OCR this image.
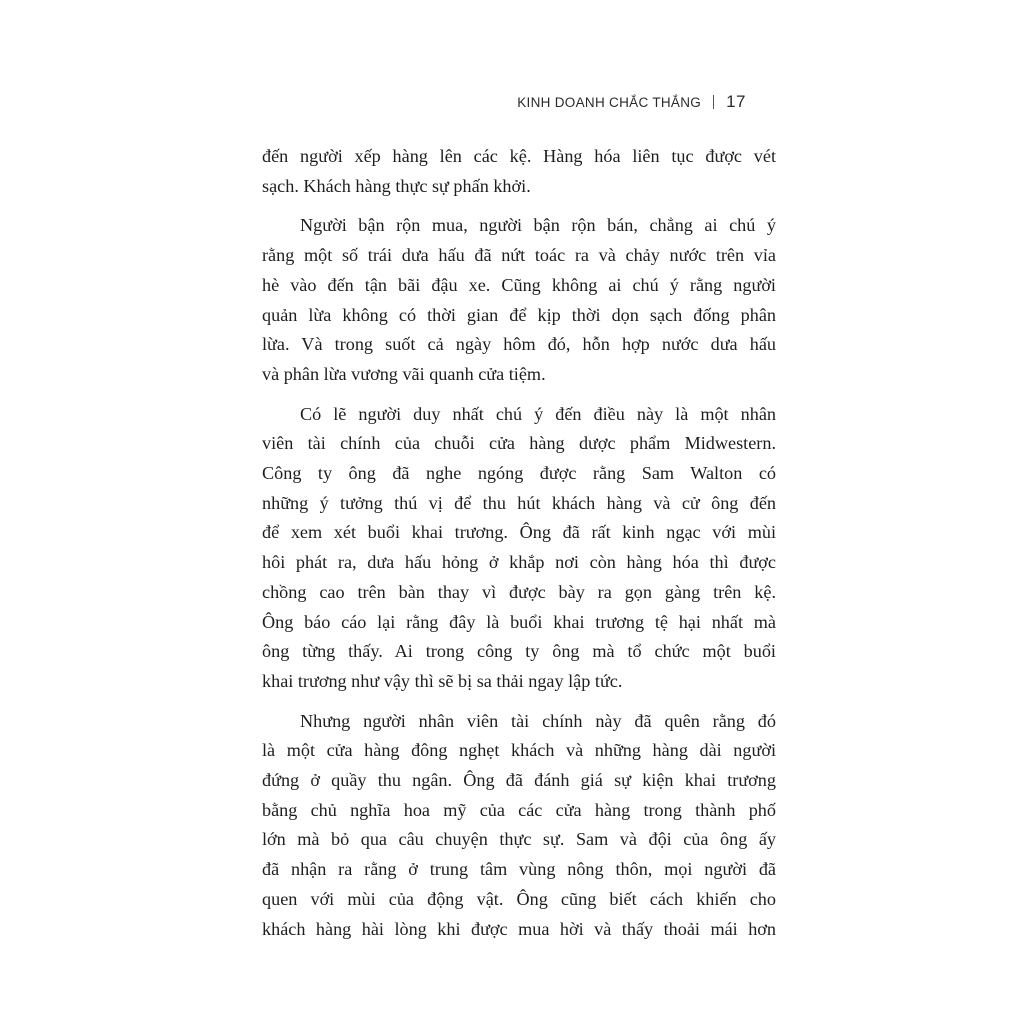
KINH DOANH CHẮC THẮNG 17

đến người xếp hàng lên các kệ. Hàng hóa liên tục được vét
sạch. Khách hàng thực sự phấn khởi.

Người bận rộn mua, người bận rộn bán, chẳng ai chú ý
rằng một số trái dưa hấu đã nứt toác ra và chảy nước trên vỉa
hè vào đến tận bãi đậu xe. Cũng không ai chú ý rằng người
quản lừa không có thời gian để kịp thời dọn sạch đống phân
lừa. Và trong suốt cả ngày hôm đó, hỗn hợp nước dưa hấu
và phân lừa vương vãi quanh cửa tiệm.

Có lẽ người duy nhất chú ý đến điều này là một nhân
viên tài chính của chuỗi cửa hàng dược phẩm Midwestern.
Công ty ông đã nghe ngóng được rằng Sam Walton có
những ý tưởng thú vị để thu hút khách hàng và cử ông đến
để xem xét buổi khai trương. Ông đã rất kinh ngạc với mùi
hôi phát ra, dưa hấu hỏng ở khắp nơi còn hàng hóa thì được
chồng cao trên bàn thay vì được bày ra gọn gàng trên kệ.
Ông báo cáo lại rằng đây là buổi khai trương tệ hại nhất mà
ông từng thấy. Ai trong công ty ông mà tổ chức một buổi
khai trương như vậy thì sẽ bị sa thải ngay lập tức.

Nhưng người nhân viên tài chính này đã quên rằng đó
là một cửa hàng đông nghẹt khách và những hàng dài người
đứng ở quầy thu ngân. Ông đã đánh giá sự kiện khai trương
bằng chủ nghĩa hoa mỹ của các cửa hàng trong thành phố
lớn mà bỏ qua câu chuyện thực sự. Sam và đội của ông ấy
đã nhận ra rằng ở trung tâm vùng nông thôn, mọi người đã
quen với mùi của động vật. Ông cũng biết cách khiến cho
khách hàng hài lòng khi được mua hời và thấy thoải mái hơn
